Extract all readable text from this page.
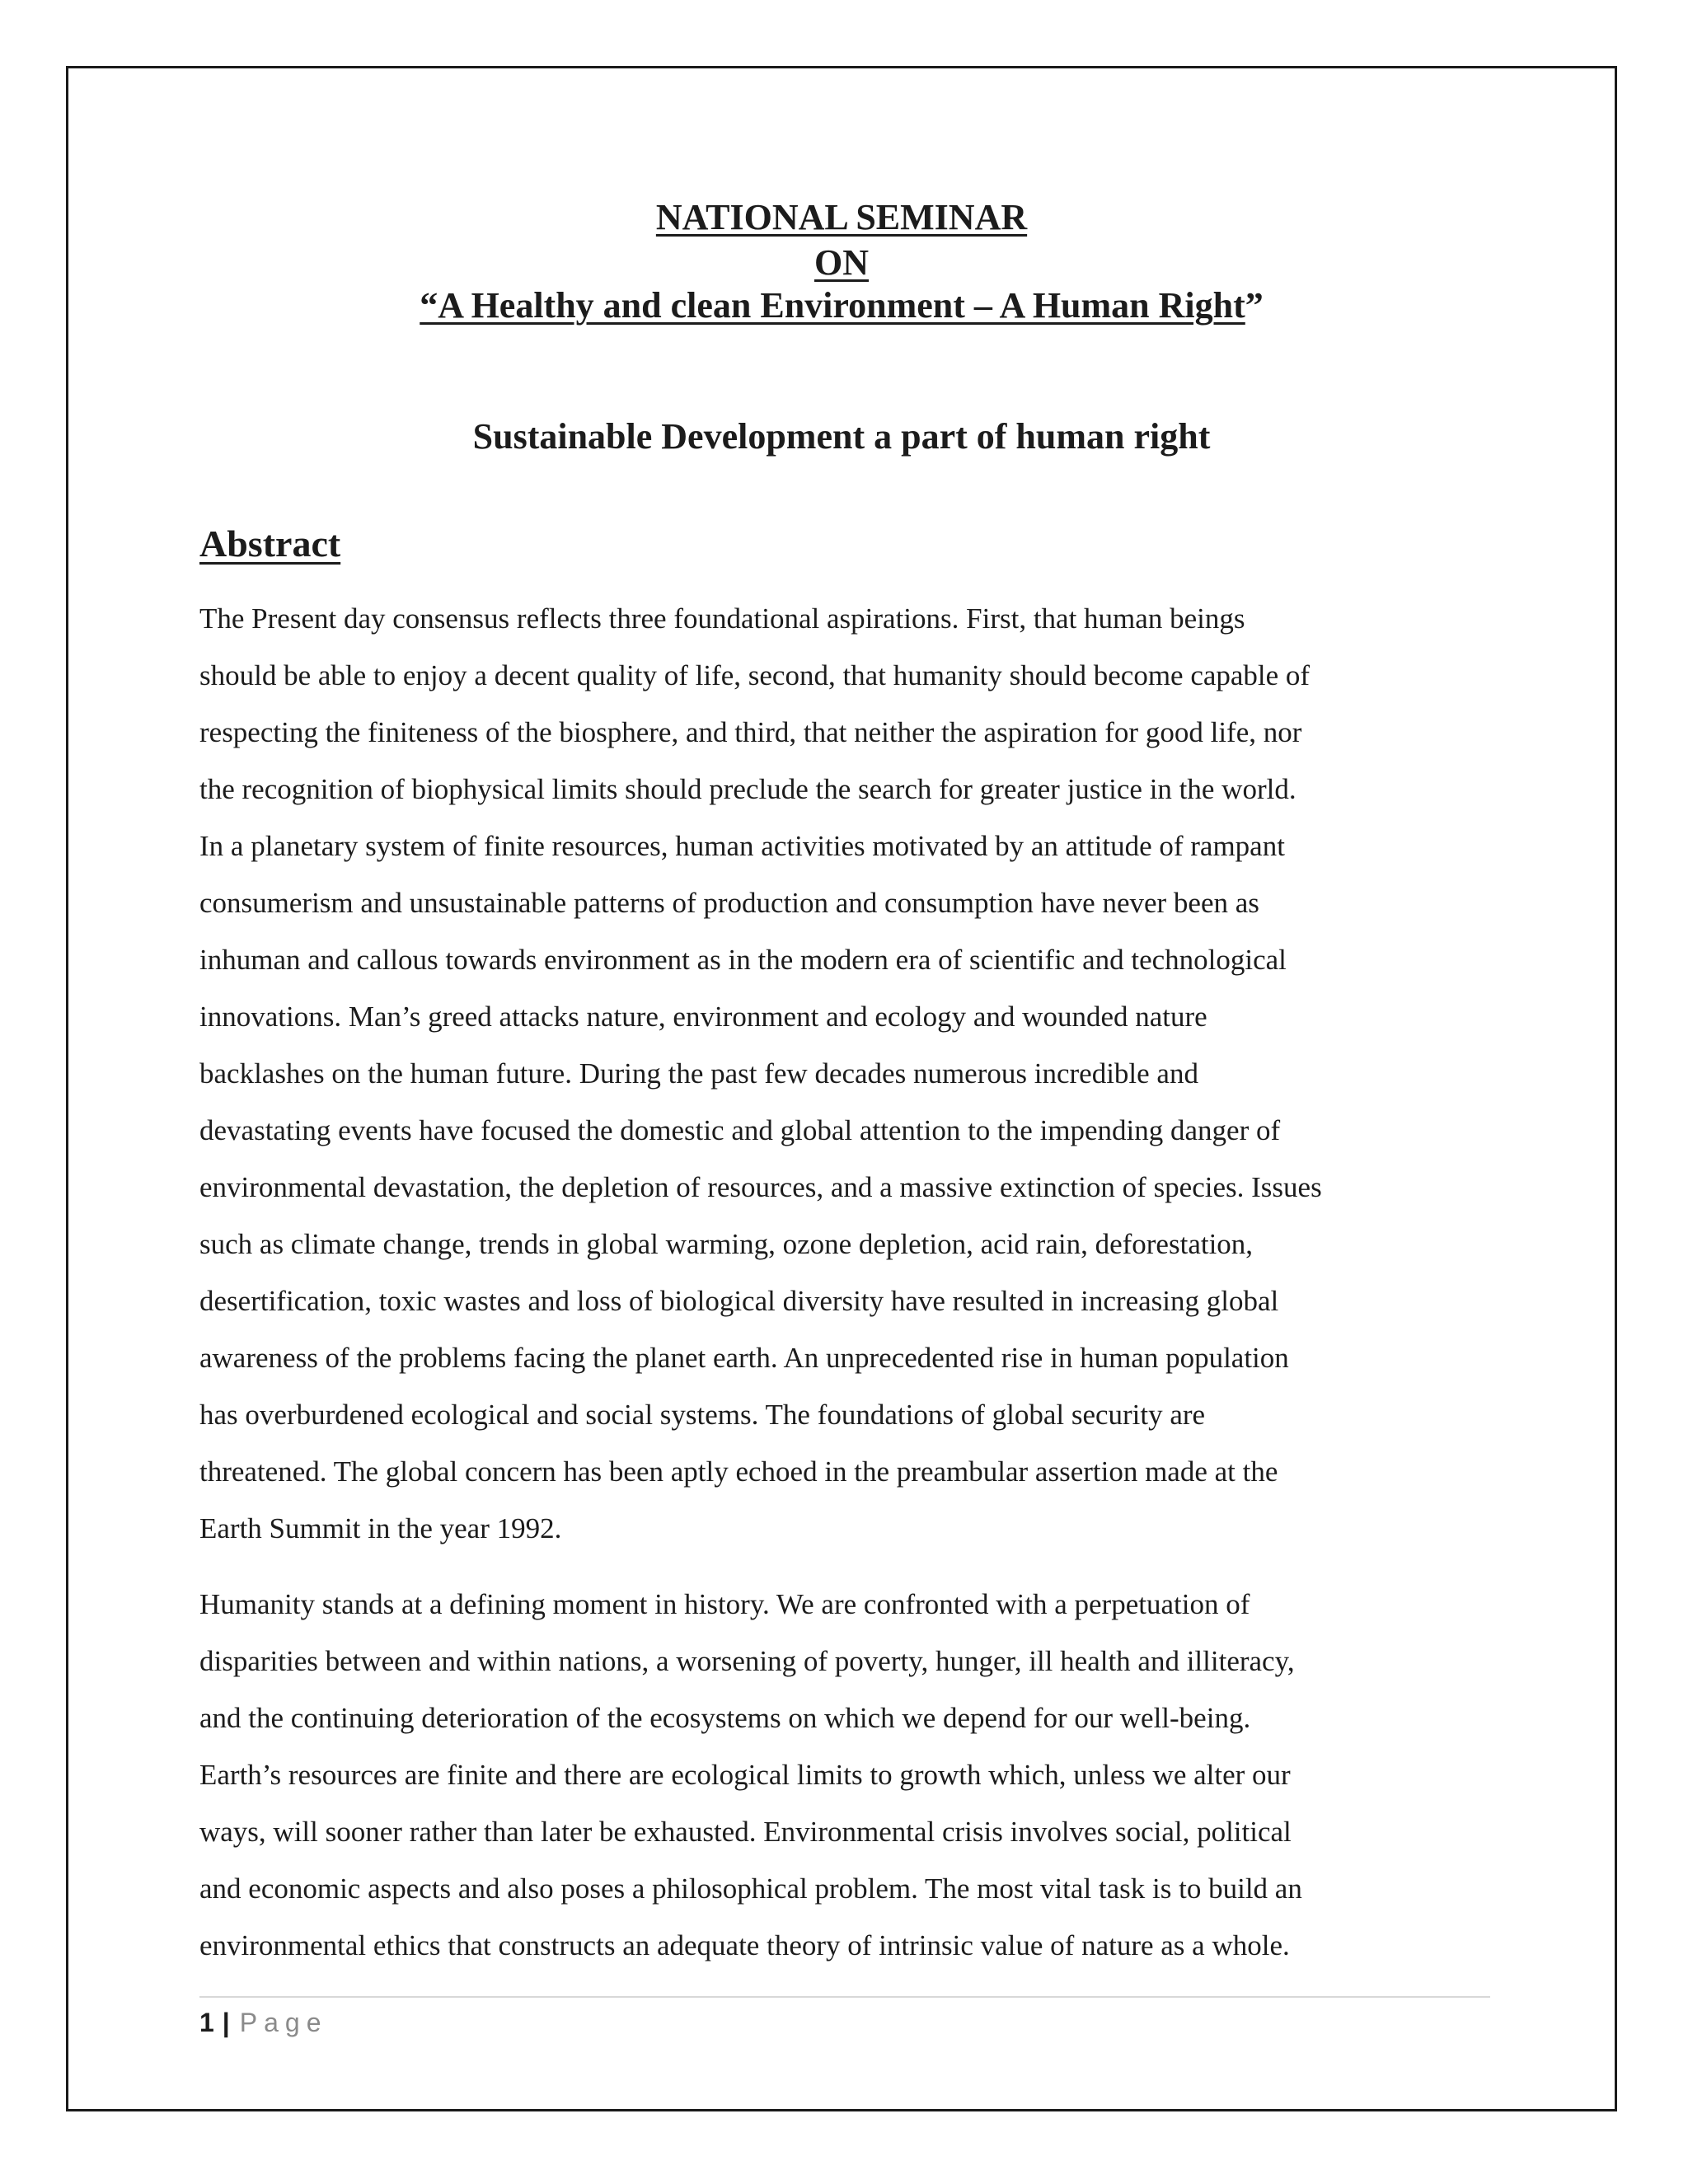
NATIONAL SEMINAR
ON
“A Healthy and clean Environment – A Human Right”
Sustainable Development a part of human right
Abstract
The Present day consensus reflects three foundational aspirations. First, that human beings
should be able to enjoy a decent quality of life, second, that humanity should become capable of
respecting the finiteness of the biosphere, and third, that neither the aspiration for good life, nor
the recognition of biophysical limits should preclude the search for greater justice in the world.
In a planetary system of finite resources, human activities motivated by an attitude of rampant
consumerism and unsustainable patterns of production and consumption have never been as
inhuman and callous towards environment as in the modern era of scientific and technological
innovations. Man’s greed attacks nature, environment and ecology and wounded nature
backlashes on the human future. During the past few decades numerous incredible and
devastating events have focused the domestic and global attention to the impending danger of
environmental devastation, the depletion of resources, and a massive extinction of species. Issues
such as climate change, trends in global warming, ozone depletion, acid rain, deforestation,
desertification, toxic wastes and loss of biological diversity have resulted in increasing global
awareness of the problems facing the planet earth. An unprecedented rise in human population
has overburdened ecological and social systems. The foundations of global security are
threatened. The global concern has been aptly echoed in the preambular assertion made at the
Earth Summit in the year 1992.
Humanity stands at a defining moment in history. We are confronted with a perpetuation of
disparities between and within nations, a worsening of poverty, hunger, ill health and illiteracy,
and the continuing deterioration of the ecosystems on which we depend for our well-being.
Earth’s resources are finite and there are ecological limits to growth which, unless we alter our
ways, will sooner rather than later be exhausted. Environmental crisis involves social, political
and economic aspects and also poses a philosophical problem. The most vital task is to build an
environmental ethics that constructs an adequate theory of intrinsic value of nature as a whole.
1 | Page
